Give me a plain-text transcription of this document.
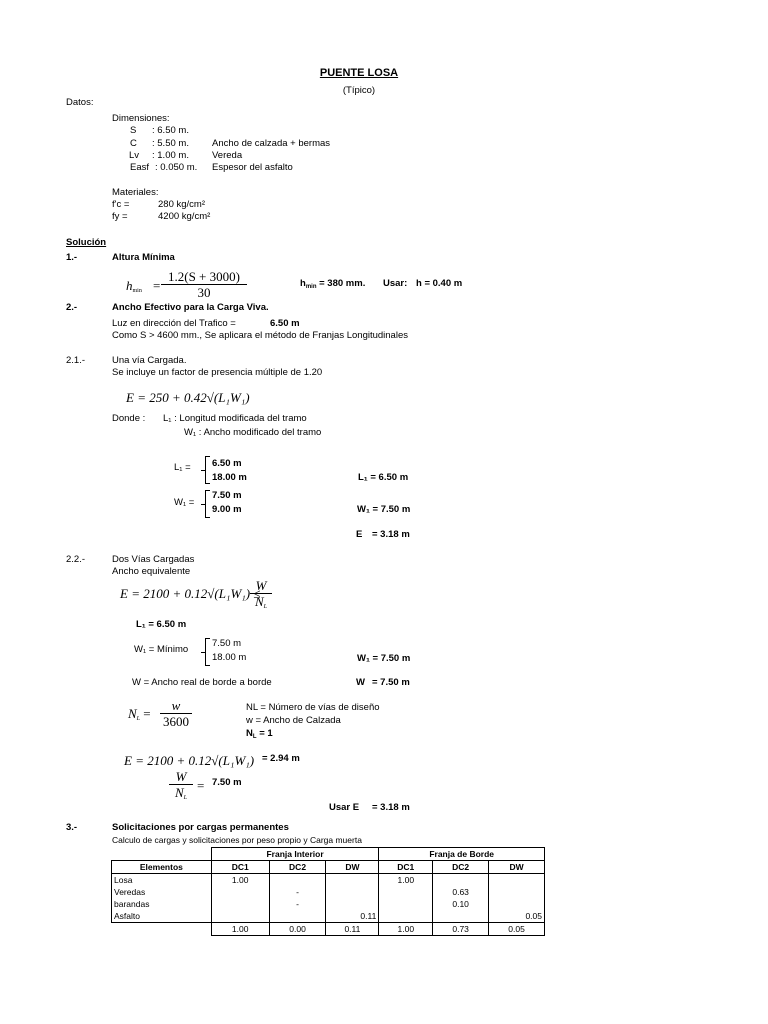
PUENTE LOSA
(Típico)
Datos:
Dimensiones:
S : 6.50 m.
C : 5.50 m. Ancho de calzada + bermas
Lv : 1.00 m. Vereda
Easf : 0.050 m. Espesor del asfalto
Materiales:
f'c =	280 kg/cm²
fy =	4200 kg/cm²
Solución
1.-	Altura Mínima
$h_{min} = \frac{1.2(S + 3000)}{30}$	$h_{min} = 380$ mm. Usar: h = 0.40 m
2.-	Ancho Efectivo para la Carga Viva.
Luz en dirección del Trafico =	6.50 m
Como S > 4600 mm., Se aplicara el método de Franjas Longitudinales
2.1.-	Una vía Cargada.
Se incluye un factor de presencia múltiple de 1.20
E = 250 + 0.42√(L₁W₁)
Donde : L₁ : Longitud modificada del tramo
W₁ : Ancho modificado del tramo
L₁ = 6.50 m
18.00 m	L₁ = 6.50 m
W₁ =
7.50 m
9.00 m	W₁ = 7.50 m
E = 3.18 m
2.2.-	Dos Vías Cargadas
Ancho equivalente
E = 2100 + 0.12√(L₁W₁) ≤
$\frac{W}{N_L}$
L₁ = 6.50 m
W₁ = Mínimo
7.50 m
18.00 m	W₁ = 7.50 m
W = Ancho real de borde a borde	W = 7.50 m
$N_L = \frac{w}{3600}$	NL = Número de vías de diseño
w = Ancho de Calzada
$N_L = 1$
E = 2100 + 0.12√(L₁W₁) = 2.94 m
$\frac{W}{N_L} = 7.50$ m
Usar E = 3.18 m
3.-	Solicitaciones por cargas permanentes
Calculo de cargas y solicitaciones por peso propio y Carga muerta
	Franja Interior			Franja de Borde		
Elementos	DC1	DC2	DW	DC1	DC2	DW
Losa	1.00			1.00		
Veredas		-			0.63	
barandas		-			0.10	
Asfalto			0.11			0.05
	1.00	0.00	0.11	1.00	0.73	0.05
